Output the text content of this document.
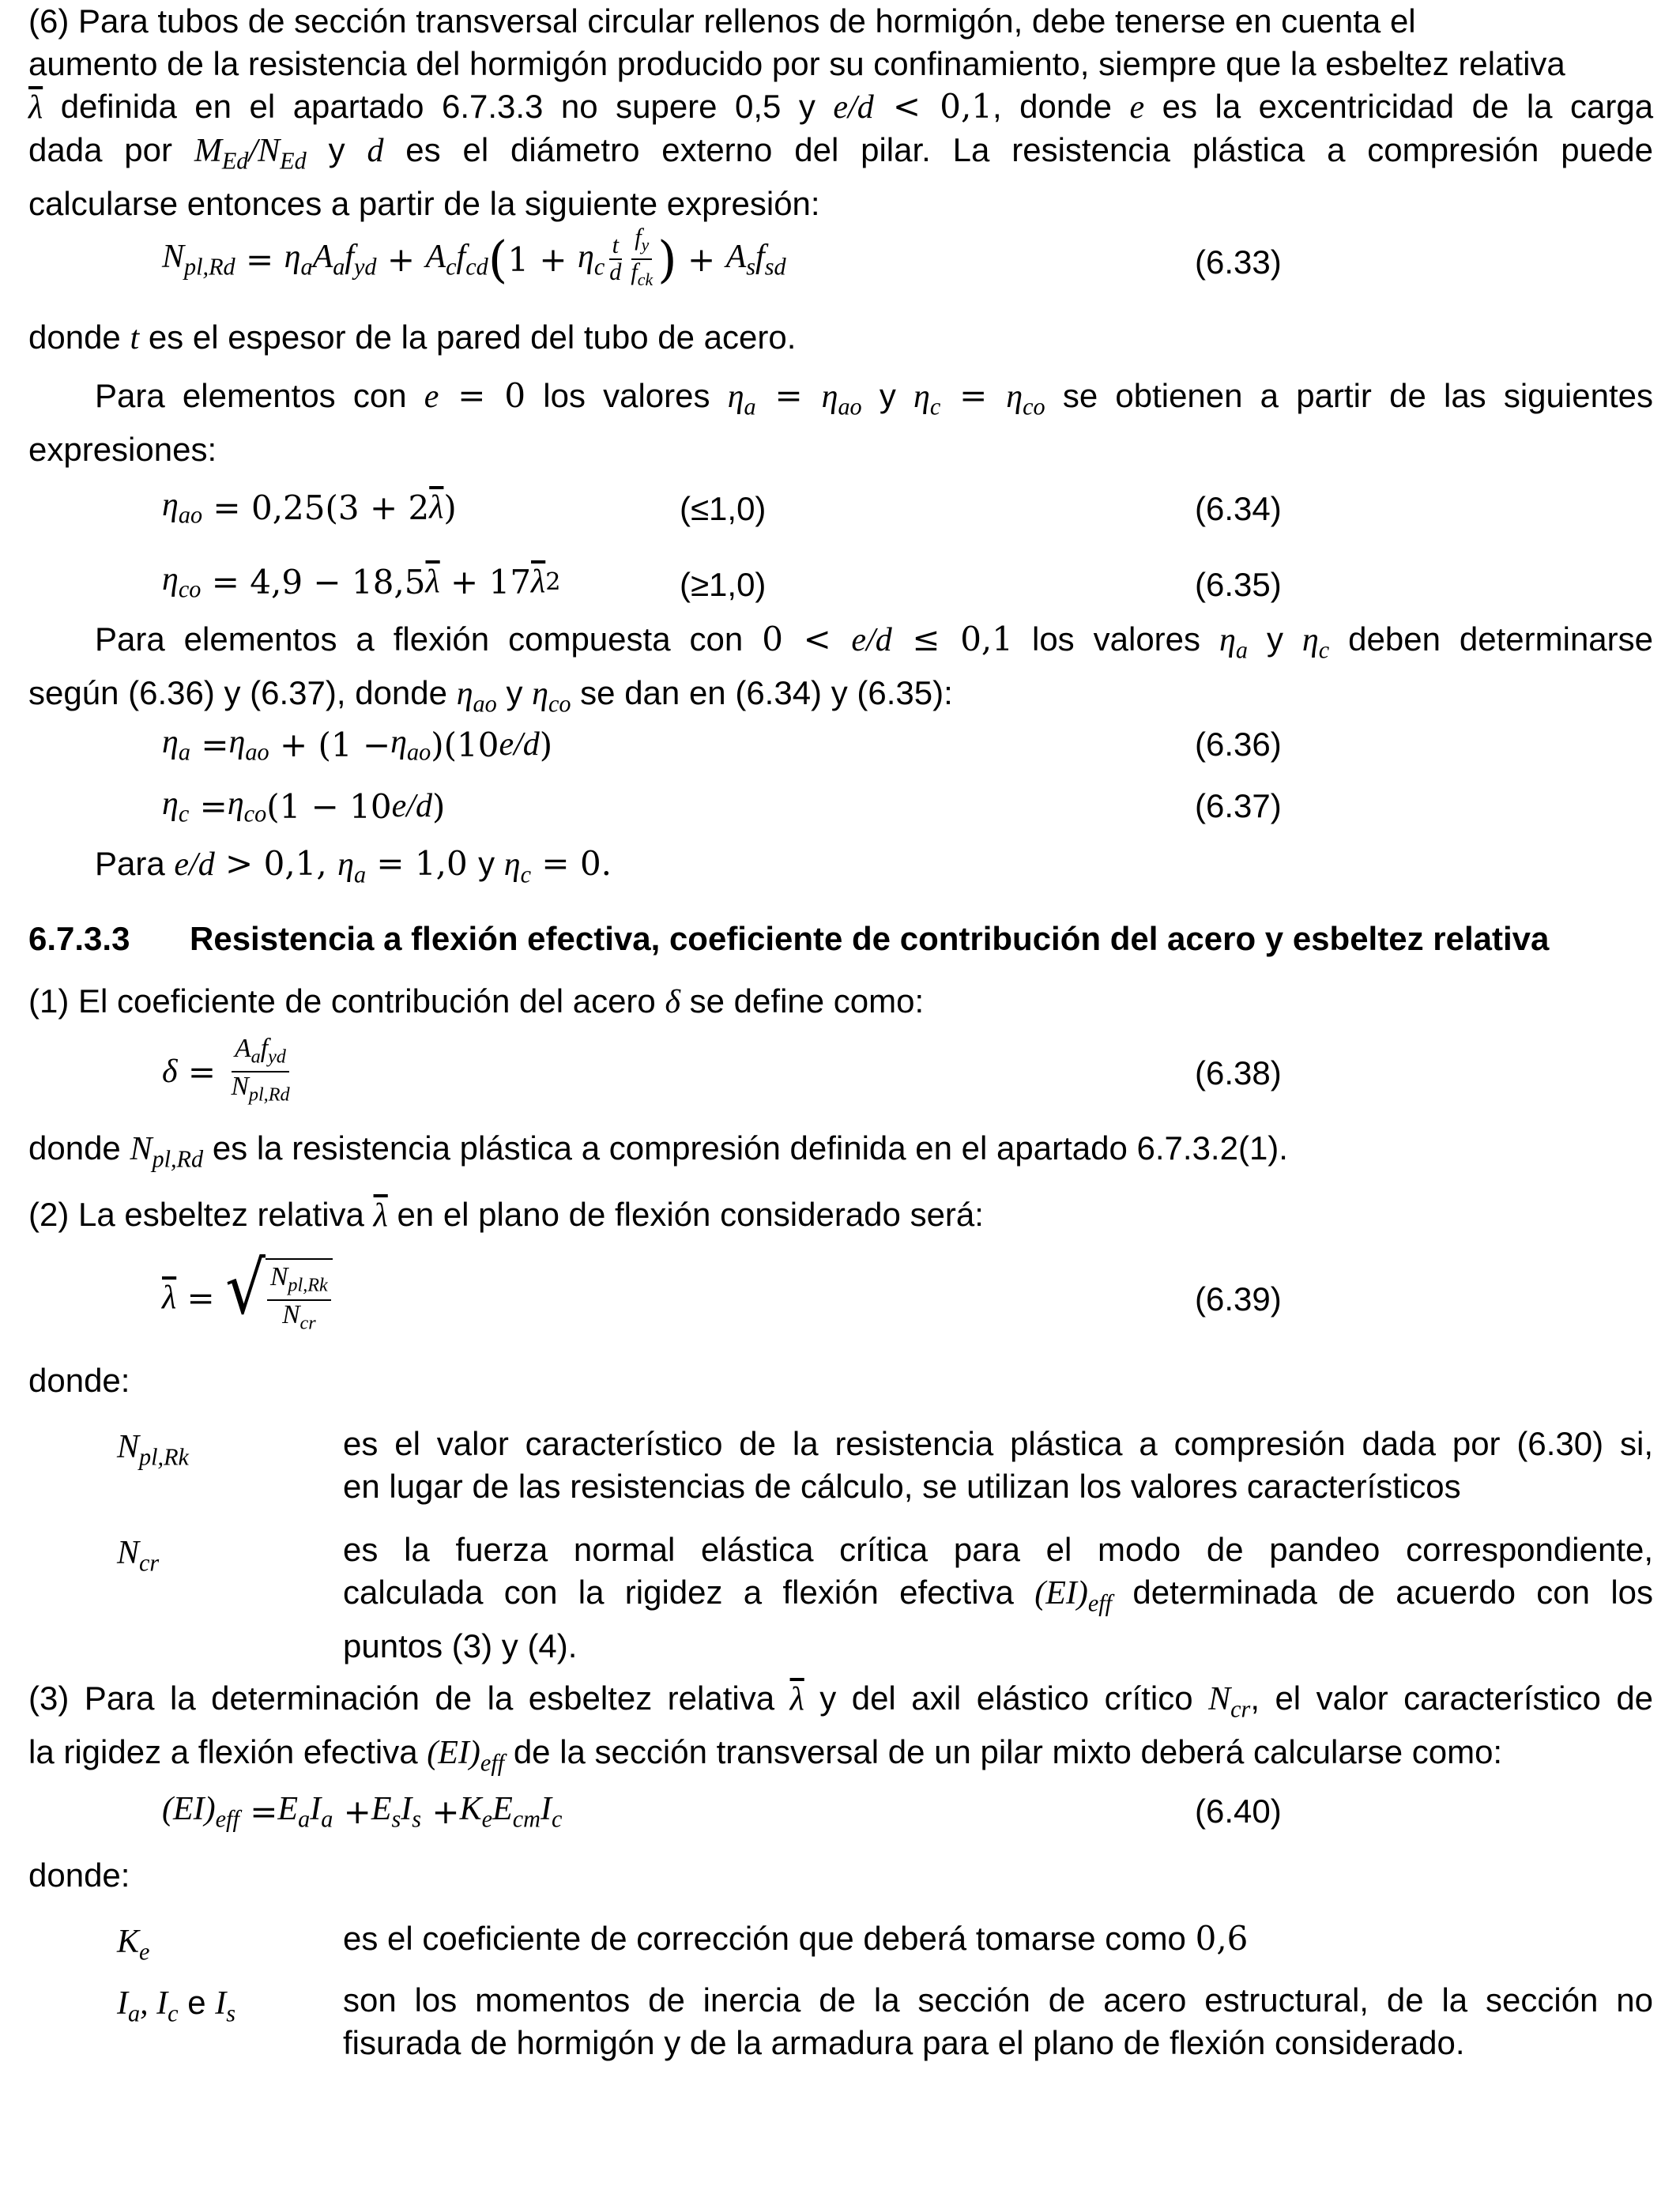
(6) Para tubos de sección transversal circular rellenos de hormigón, debe tenerse en cuenta el
aumento de la resistencia del hormigón producido por su confinamiento, siempre que la esbeltez relativa
$\overline{\lambda}$ definida en el apartado 6.7.3.3 no supere 0,5 y e/d < 0,1, donde e es la excentricidad de la carga
dada por $M_{Ed}/N_{Ed}$ y d es el diámetro externo del pilar. La resistencia plástica a compresión puede
calcularse entonces a partir de la siguiente expresión:
$N_{pl,Rd} = \eta_aA_af_{yd} + A_cf_{cd}$ ( $1 + \eta_c \frac{t}{d} \frac{f_y}{f_{ck}}$ ) + $A_sf_{sd}$	(6.33)
donde t es el espesor de la pared del tubo de acero.
Para elementos con e = 0 los valores $\eta_a = \eta_{ao}$ y $\eta_c = \eta_{co}$ se obtienen a partir de las siguientes
expresiones:
$\eta_{ao} = 0,25(3 + 2$ $\overline{\lambda}$ )	(≤1,0)	(6.34)
$\eta_{co} = 4,9 - 18,5$ $\overline{\lambda} + 17$ $\overline{\lambda}$ 2	(≥1,0)	(6.35)
Para elementos a flexión compuesta con 0 < e/d ≤ 0,1 los valores $\eta_a$ y $\eta_c$ deben determinarse
según (6.36) y (6.37), donde $\eta_{ao}$ y $\eta_{co}$ se dan en (6.34) y (6.35):
$\eta_a = \eta_{ao} + (1 - \eta_{ao}$ )(10 e/d )	(6.36)
$\eta_c = \eta_{co}$ (1 − 10 e/d )	(6.37)
Para e/d > 0,1, $\eta_a = 1,0$ y $\eta_c = 0$.
6.7.3.3 Resistencia a flexión efectiva, coeficiente de contribución del acero y esbeltez relativa
(1) El coeficiente de contribución del acero δ se define como:
$\delta = \frac{A_af_{yd}}{N_{pl,Rd}}$	(6.38)
donde $N_{pl,Rd}$ es la resistencia plástica a compresión definida en el apartado 6.7.3.2(1).
(2) La esbeltez relativa $\overline{\lambda}$ en el plano de flexión considerado será:
$\overline{\lambda}$ = √ $\frac{N_{pl,Rk}}{N_{cr}}$	(6.39)
donde:
$N_{pl,Rk}$	es el valor característico de la resistencia plástica a compresión dada por (6.30) si,
en lugar de las resistencias de cálculo, se utilizan los valores característicos
$N_{cr}$	es la fuerza normal elástica crítica para el modo de pandeo correspondiente,
calculada con la rigidez a flexión efectiva $(EI)_{eff}$ determinada de acuerdo con los
puntos (3) y (4).
(3) Para la determinación de la esbeltez relativa $\overline{\lambda}$ y del axil elástico crítico $N_{cr}$, el valor característico de
la rigidez a flexión efectiva $(EI)_{eff}$ de la sección transversal de un pilar mixto deberá calcularse como:
$(EI)_{eff} = E_aI_a + E_sI_s + K_eE_{cm}I_c$	(6.40)
donde:
$K_e$	es el coeficiente de corrección que deberá tomarse como 0,6
$I_a$, $I_c$ e $I_s$	son los momentos de inercia de la sección de acero estructural, de la sección no
fisurada de hormigón y de la armadura para el plano de flexión considerado.
